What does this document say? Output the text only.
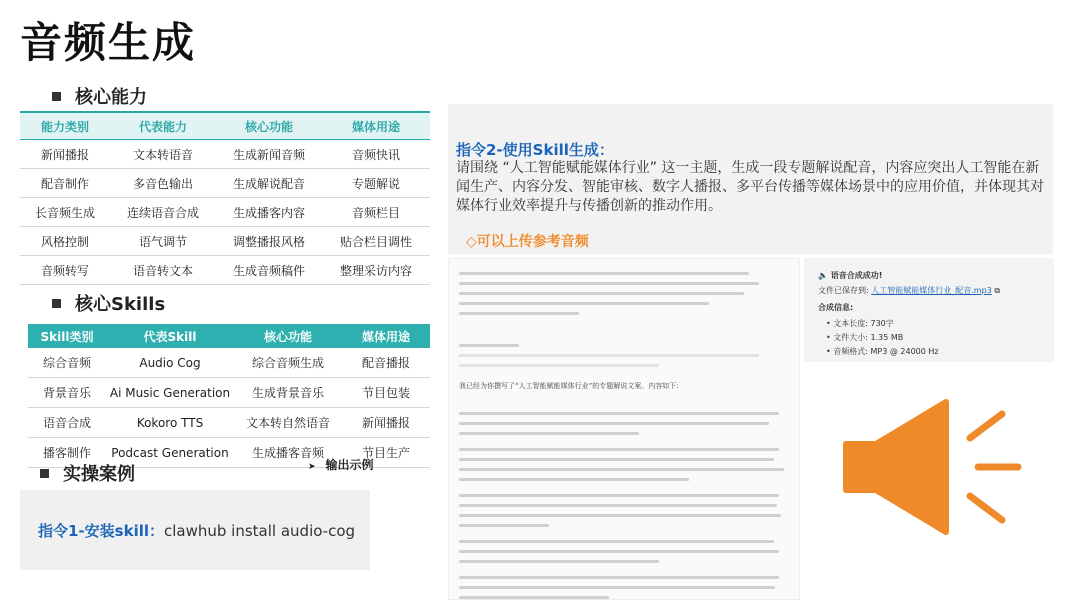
音频生成
核心能力
能力类别	代表能力	核心功能	媒体用途
新闻播报	文本转语音	生成新闻音频	音频快讯
配音制作	多音色输出	生成解说配音	专题解说
长音频生成	连续语音合成	生成播客内容	音频栏目
风格控制	语气调节	调整播报风格	贴合栏目调性
音频转写	语音转文本	生成音频稿件	整理采访内容
核心Skills
Skill类别	代表Skill	核心功能	媒体用途
综合音频	Audio Cog	综合音频生成	配音播报
背景音乐	Ai Music Generation	生成背景音乐	节目包装
语音合成	Kokoro TTS	文本转自然语音	新闻播报
播客制作	Podcast Generation	生成播客音频	节目生产
实操案例	➤ 输出示例
指令1-安装skill：clawhub install audio-cog
指令2-使用Skill生成：
请围绕 “人工智能赋能媒体行业” 这一主题，生成一段专题解说配音，内容应突出人工智能在新闻生产、内容分发、智能审核、数字人播报、多平台传播等媒体场景中的应用价值，并体现其对媒体行业效率提升与传播创新的推动作用。
◇可以上传参考音频
我已经为你撰写了“人工智能赋能媒体行业”的专题解说文案。内容如下:
🔈 语音合成成功!
文件已保存到: 人工智能赋能媒体行业_配音.mp3 ⧉
合成信息:
• 文本长度: 730字
• 文件大小: 1.35 MB
• 音频格式: MP3 @ 24000 Hz
